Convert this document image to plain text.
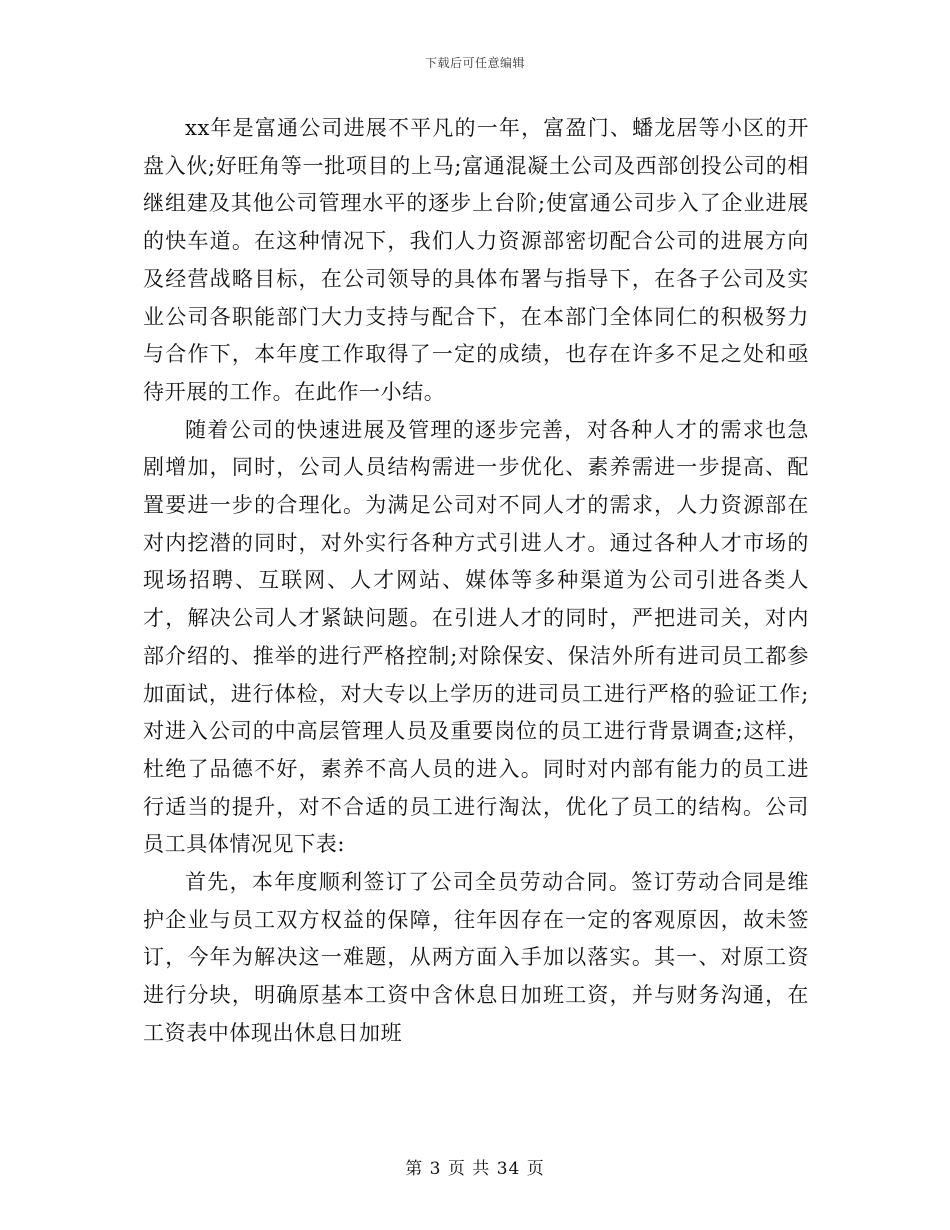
下载后可任意编辑

xx年是富通公司进展不平凡的一年，富盈门、蟠龙居等小区的开盘入伙;好旺角等一批项目的上马;富通混凝土公司及西部创投公司的相继组建及其他公司管理水平的逐步上台阶;使富通公司步入了企业进展的快车道。在这种情况下，我们人力资源部密切配合公司的进展方向及经营战略目标，在公司领导的具体布署与指导下，在各子公司及实业公司各职能部门大力支持与配合下，在本部门全体同仁的积极努力与合作下，本年度工作取得了一定的成绩，也存在许多不足之处和亟待开展的工作。在此作一小结。

随着公司的快速进展及管理的逐步完善，对各种人才的需求也急剧增加，同时，公司人员结构需进一步优化、素养需进一步提高、配置要进一步的合理化。为满足公司对不同人才的需求，人力资源部在对内挖潜的同时，对外实行各种方式引进人才。通过各种人才市场的现场招聘、互联网、人才网站、媒体等多种渠道为公司引进各类人才，解决公司人才紧缺问题。在引进人才的同时，严把进司关，对内部介绍的、推举的进行严格控制;对除保安、保洁外所有进司员工都参加面试，进行体检，对大专以上学历的进司员工进行严格的验证工作;对进入公司的中高层管理人员及重要岗位的员工进行背景调查;这样，杜绝了品德不好，素养不高人员的进入。同时对内部有能力的员工进行适当的提升，对不合适的员工进行淘汰，优化了员工的结构。公司员工具体情况见下表:

首先，本年度顺利签订了公司全员劳动合同。签订劳动合同是维护企业与员工双方权益的保障，往年因存在一定的客观原因，故未签订，今年为解决这一难题，从两方面入手加以落实。其一、对原工资进行分块，明确原基本工资中含休息日加班工资，并与财务沟通，在工资表中体现出休息日加班

第 3 页 共 34 页
